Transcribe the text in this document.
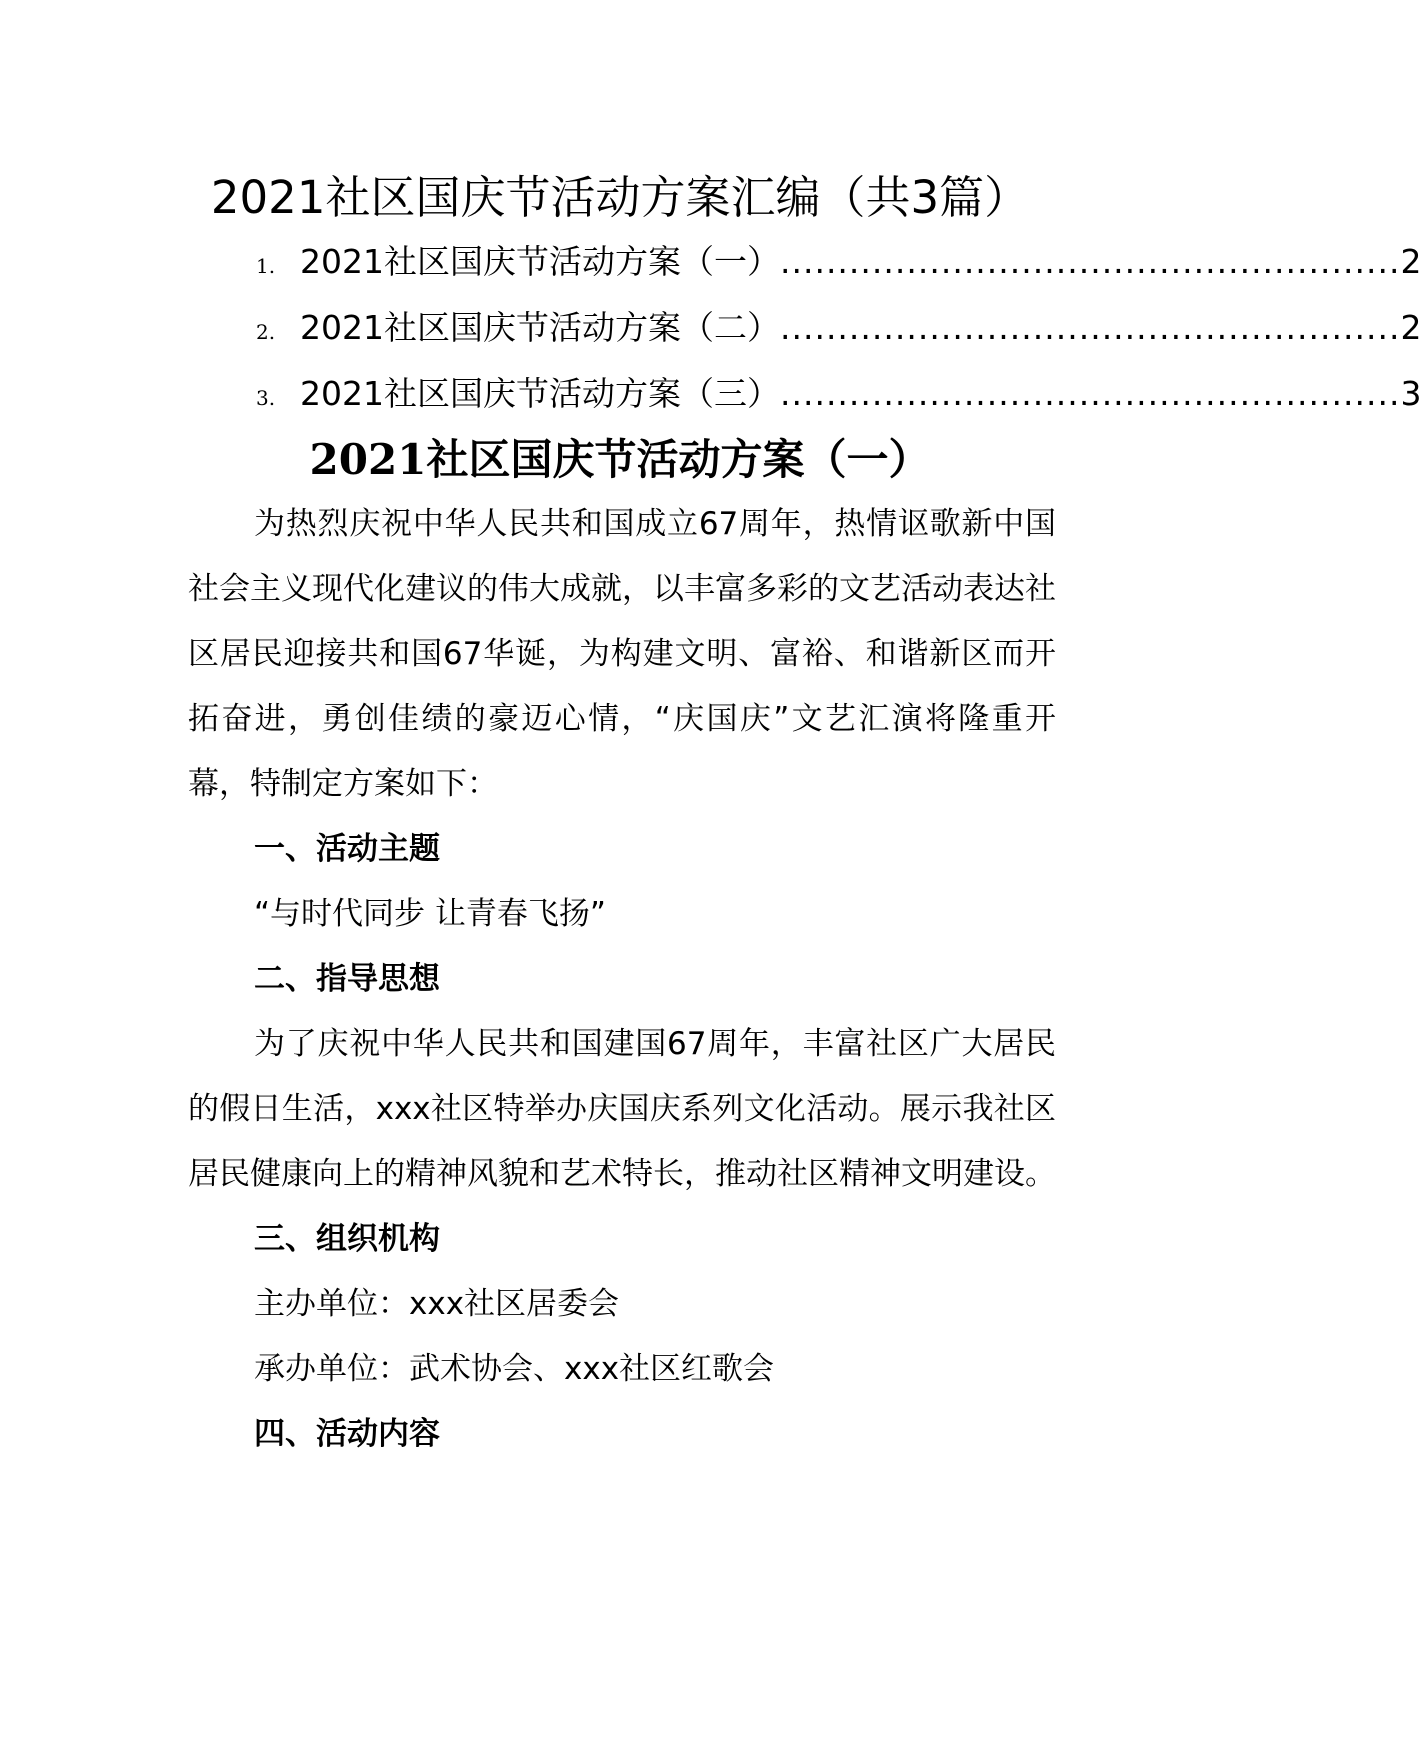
2021社区国庆节活动方案汇编（共3篇）
1. 2021社区国庆节活动方案（一） ...................................................... 2
2. 2021社区国庆节活动方案（二） ...................................................... 2
3. 2021社区国庆节活动方案（三） ...................................................... 3
2021社区国庆节活动方案（一）

为热烈庆祝中华人民共和国成立67周年，热情讴歌新中国社会主义现代化建议的伟大成就，以丰富多彩的文艺活动表达社区居民迎接共和国67华诞，为构建文明、富裕、和谐新区而开拓奋进，勇创佳绩的豪迈心情，“庆国庆”文艺汇演将隆重开幕，特制定方案如下：

一、活动主题

“与时代同步 让青春飞扬”

二、指导思想

为了庆祝中华人民共和国建国67周年，丰富社区广大居民的假日生活，xxx社区特举办庆国庆系列文化活动。展示我社区居民健康向上的精神风貌和艺术特长，推动社区精神文明建设。

三、组织机构

主办单位：xxx社区居委会

承办单位：武术协会、xxx社区红歌会

四、活动内容
